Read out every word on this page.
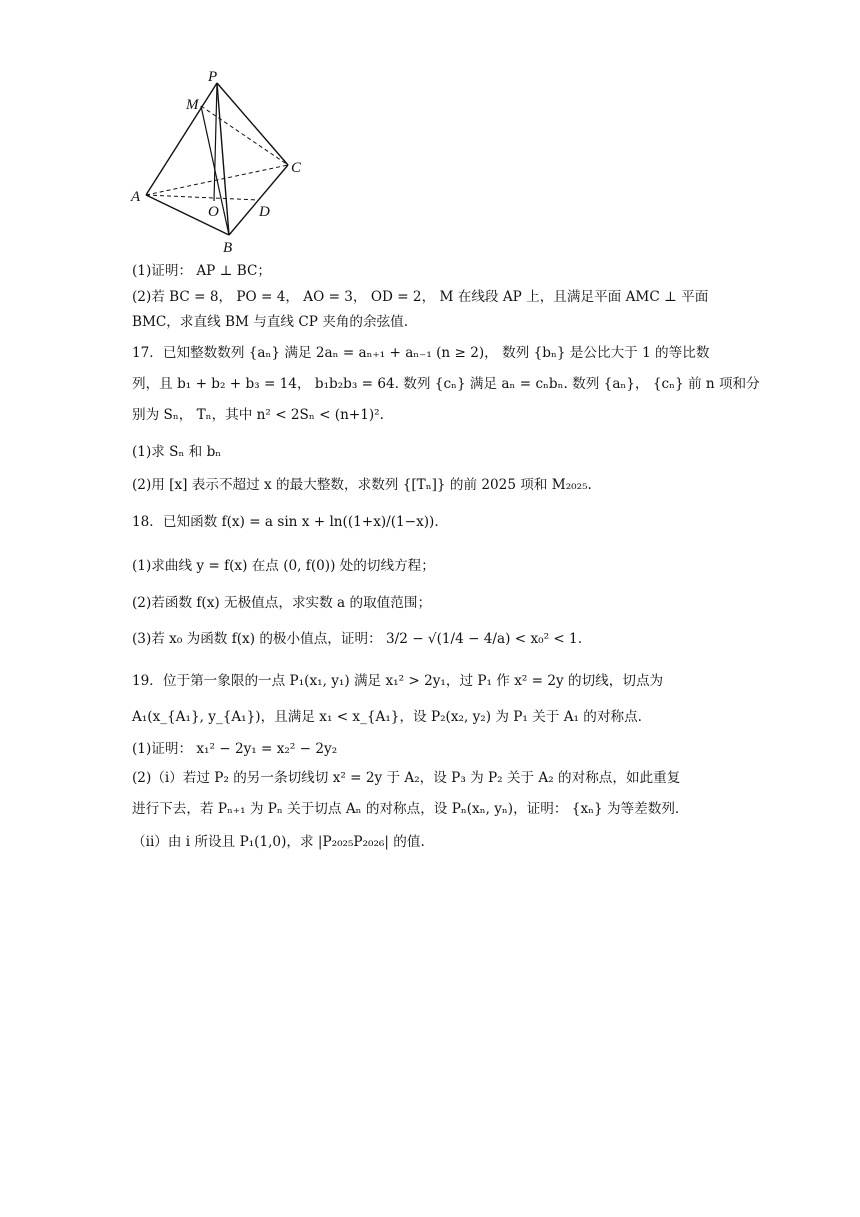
P
M
C
A
O	D
B
(1)证明： AP ⊥ BC；
(2)若 BC = 8， PO = 4， AO = 3， OD = 2， M 在线段 AP 上，且满足平面 AMC ⊥ 平面
BMC，求直线 BM 与直线 CP 夹角的余弦值.
17．已知整数数列 {aₙ} 满足 2aₙ = aₙ₊₁ + aₙ₋₁ (n ≥ 2)， 数列 {bₙ} 是公比大于 1 的等比数
列，且 b₁ + b₂ + b₃ = 14， b₁b₂b₃ = 64. 数列 {cₙ} 满足 aₙ = cₙbₙ. 数列 {aₙ}， {cₙ} 前 n 项和分
别为 Sₙ， Tₙ，其中 n² < 2Sₙ < (n+1)².
(1)求 Sₙ 和 bₙ
(2)用 [x] 表示不超过 x 的最大整数，求数列 {[Tₙ]} 的前 2025 项和 M₂₀₂₅.
18．已知函数 f(x) = a sin x + ln((1+x)/(1−x)).
(1)求曲线 y = f(x) 在点 (0, f(0)) 处的切线方程；
(2)若函数 f(x) 无极值点，求实数 a 的取值范围；
(3)若 x₀ 为函数 f(x) 的极小值点，证明： 3/2 − √(1/4 − 4/a) < x₀² < 1.
19．位于第一象限的一点 P₁(x₁, y₁) 满足 x₁² > 2y₁，过 P₁ 作 x² = 2y 的切线，切点为
A₁(x_{A₁}, y_{A₁})，且满足 x₁ < x_{A₁}，设 P₂(x₂, y₂) 为 P₁ 关于 A₁ 的对称点.
(1)证明： x₁² − 2y₁ = x₂² − 2y₂
(2)（i）若过 P₂ 的另一条切线切 x² = 2y 于 A₂，设 P₃ 为 P₂ 关于 A₂ 的对称点，如此重复
进行下去，若 Pₙ₊₁ 为 Pₙ 关于切点 Aₙ 的对称点，设 Pₙ(xₙ, yₙ)，证明： {xₙ} 为等差数列.
（ii）由 i 所设且 P₁(1,0)，求 |P₂₀₂₅P₂₀₂₆| 的值.
